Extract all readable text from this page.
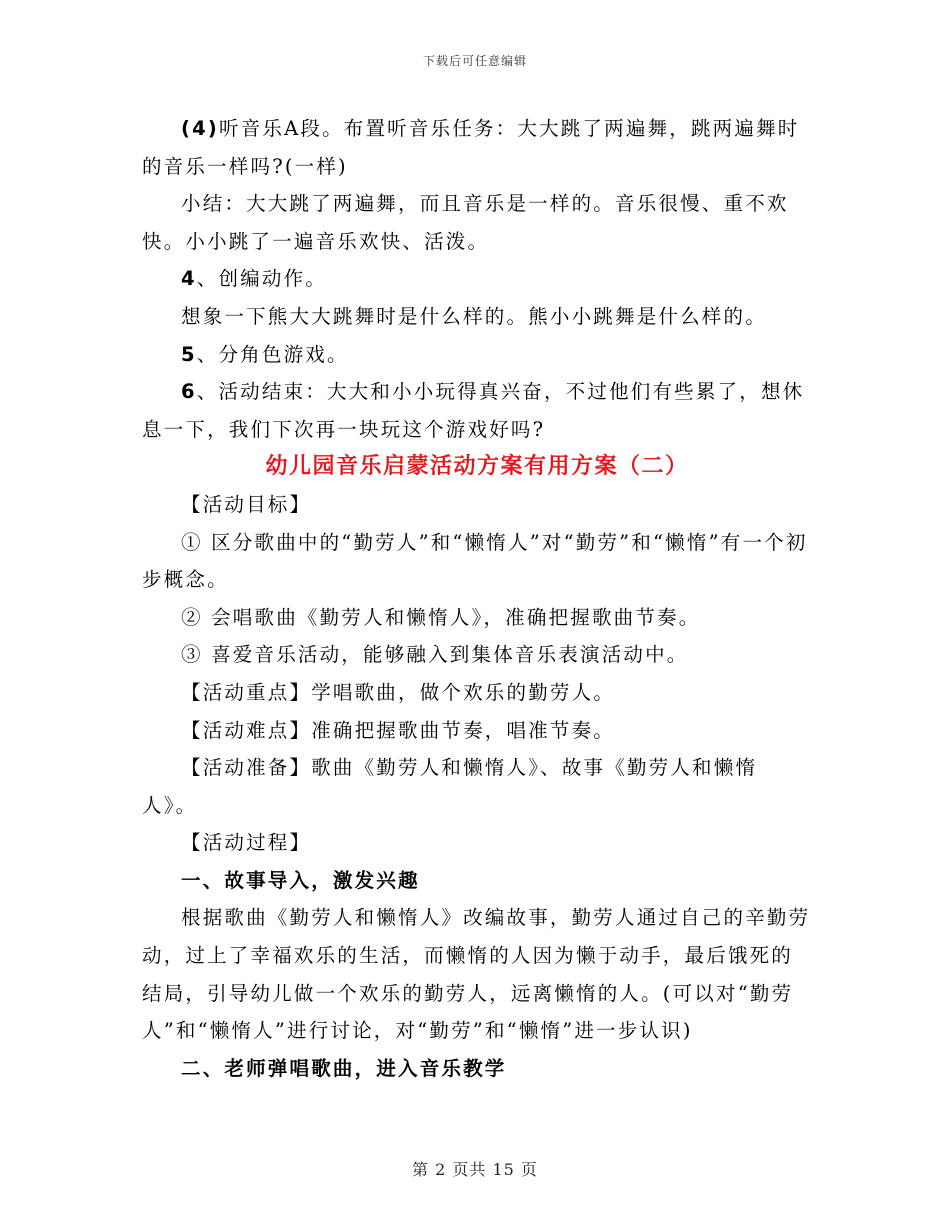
下载后可任意编辑

(4)听音乐A段。布置听音乐任务：大大跳了两遍舞，跳两遍舞时的音乐一样吗?(一样)

小结：大大跳了两遍舞，而且音乐是一样的。音乐很慢、重不欢快。小小跳了一遍音乐欢快、活泼。

4、创编动作。

想象一下熊大大跳舞时是什么样的。熊小小跳舞是什么样的。

5、分角色游戏。

6、活动结束：大大和小小玩得真兴奋，不过他们有些累了，想休息一下，我们下次再一块玩这个游戏好吗?

幼儿园音乐启蒙活动方案有用方案（二）

【活动目标】

① 区分歌曲中的“勤劳人”和“懒惰人”对“勤劳”和“懒惰”有一个初步概念。

② 会唱歌曲《勤劳人和懒惰人》，准确把握歌曲节奏。

③ 喜爱音乐活动，能够融入到集体音乐表演活动中。

【活动重点】学唱歌曲，做个欢乐的勤劳人。

【活动难点】准确把握歌曲节奏，唱准节奏。

【活动准备】歌曲《勤劳人和懒惰人》、故事《勤劳人和懒惰人》。

【活动过程】

一、故事导入，激发兴趣

根据歌曲《勤劳人和懒惰人》改编故事，勤劳人通过自己的辛勤劳动，过上了幸福欢乐的生活，而懒惰的人因为懒于动手，最后饿死的结局，引导幼儿做一个欢乐的勤劳人，远离懒惰的人。(可以对“勤劳人”和“懒惰人”进行讨论，对“勤劳”和“懒惰”进一步认识)

二、老师弹唱歌曲，进入音乐教学

第 2 页共 15 页
